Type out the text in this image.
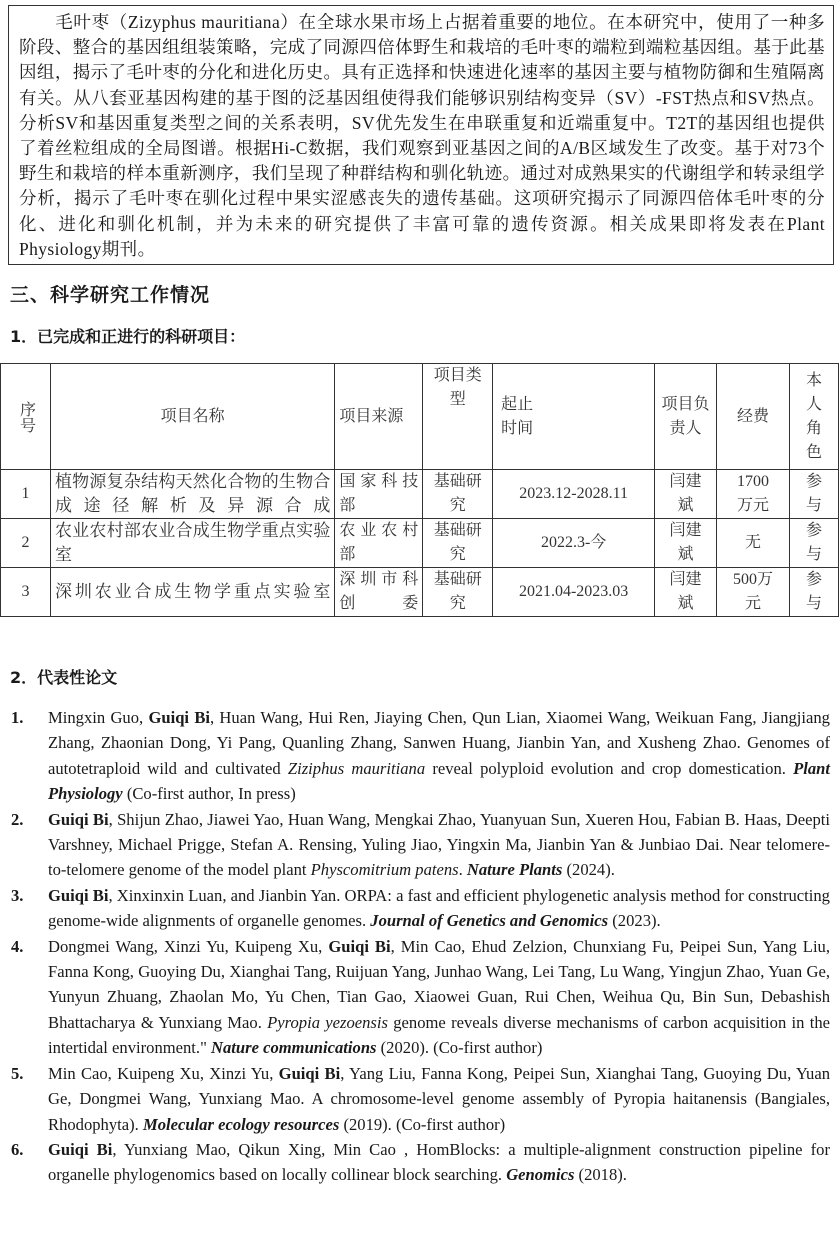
毛叶枣（Zizyphus mauritiana）在全球水果市场上占据着重要的地位。在本研究中，使用了一种多阶段、整合的基因组组装策略，完成了同源四倍体野生和栽培的毛叶枣的端粒到端粒基因组。基于此基因组，揭示了毛叶枣的分化和进化历史。具有正选择和快速进化速率的基因主要与植物防御和生殖隔离有关。从八套亚基因构建的基于图的泛基因组使得我们能够识别结构变异（SV）-FST热点和SV热点。分析SV和基因重复类型之间的关系表明，SV优先发生在串联重复和近端重复中。T2T的基因组也提供了着丝粒组成的全局图谱。根据Hi-C数据，我们观察到亚基因之间的A/B区域发生了改变。基于对73个野生和栽培的样本重新测序，我们呈现了种群结构和驯化轨迹。通过对成熟果实的代谢组学和转录组学分析，揭示了毛叶枣在驯化过程中果实涩感丧失的遗传基础。这项研究揭示了同源四倍体毛叶枣的分化、进化和驯化机制，并为未来的研究提供了丰富可靠的遗传资源。相关成果即将发表在Plant Physiology期刊。
三、科学研究工作情况
1．已完成和正进行的科研项目：
序号	项目名称	项目来源	项目类型	起止时间	项目负责人	经费	本人角色
1	植物源复杂结构天然化合物的生物合成途径解析及异源合成	国家科技部	基础研究	2023.12-2028.11	闫建斌	1700万元	参与
2	农业农村部农业合成生物学重点实验室	农业农村部	基础研究	2022.3-今	闫建斌	无	参与
3	深圳农业合成生物学重点实验室	深圳市科创委	基础研究	2021.04-2023.03	闫建斌	500万元	参与
2．代表性论文
1. Mingxin Guo, Guiqi Bi, Huan Wang, Hui Ren, Jiaying Chen, Qun Lian, Xiaomei Wang, Weikuan Fang, Jiangjiang Zhang, Zhaonian Dong, Yi Pang, Quanling Zhang, Sanwen Huang, Jianbin Yan, and Xusheng Zhao. Genomes of autotetraploid wild and cultivated Ziziphus mauritiana reveal polyploid evolution and crop domestication. Plant Physiology (Co-first author, In press)
2. Guiqi Bi, Shijun Zhao, Jiawei Yao, Huan Wang, Mengkai Zhao, Yuanyuan Sun, Xueren Hou, Fabian B. Haas, Deepti Varshney, Michael Prigge, Stefan A. Rensing, Yuling Jiao, Yingxin Ma, Jianbin Yan & Junbiao Dai. Near telomere-to-telomere genome of the model plant Physcomitrium patens. Nature Plants (2024).
3. Guiqi Bi, Xinxinxin Luan, and Jianbin Yan. ORPA: a fast and efficient phylogenetic analysis method for constructing genome-wide alignments of organelle genomes. Journal of Genetics and Genomics (2023).
4. Dongmei Wang, Xinzi Yu, Kuipeng Xu, Guiqi Bi, Min Cao, Ehud Zelzion, Chunxiang Fu, Peipei Sun, Yang Liu, Fanna Kong, Guoying Du, Xianghai Tang, Ruijuan Yang, Junhao Wang, Lei Tang, Lu Wang, Yingjun Zhao, Yuan Ge, Yunyun Zhuang, Zhaolan Mo, Yu Chen, Tian Gao, Xiaowei Guan, Rui Chen, Weihua Qu, Bin Sun, Debashish Bhattacharya & Yunxiang Mao. Pyropia yezoensis genome reveals diverse mechanisms of carbon acquisition in the intertidal environment." Nature communications (2020). (Co-first author)
5. Min Cao, Kuipeng Xu, Xinzi Yu, Guiqi Bi, Yang Liu, Fanna Kong, Peipei Sun, Xianghai Tang, Guoying Du, Yuan Ge, Dongmei Wang, Yunxiang Mao. A chromosome-level genome assembly of Pyropia haitanensis (Bangiales, Rhodophyta). Molecular ecology resources (2019). (Co-first author)
6. Guiqi Bi, Yunxiang Mao, Qikun Xing, Min Cao , HomBlocks: a multiple-alignment construction pipeline for organelle phylogenomics based on locally collinear block searching. Genomics (2018).
